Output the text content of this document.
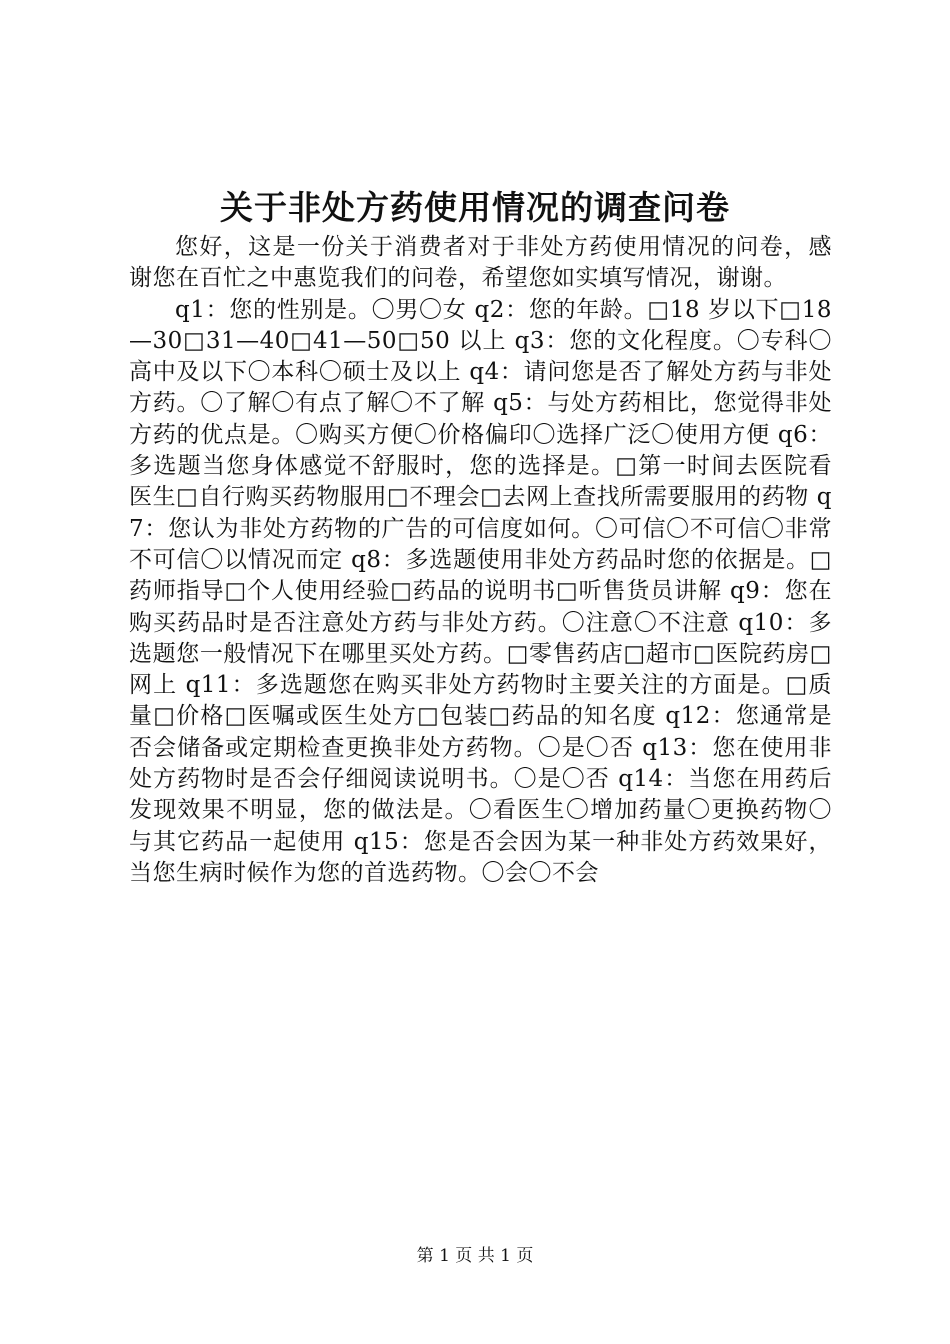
关于非处方药使用情况的调查问卷

您好，这是一份关于消费者对于非处方药使用情况的问卷，感谢您在百忙之中惠览我们的问卷，希望您如实填写情况，谢谢。

q1：您的性别是。〇男〇女 q2：您的年龄。□18 岁以下□18—30□31—40□41—50□50 以上 q3：您的文化程度。〇专科〇高中及以下〇本科〇硕士及以上 q4：请问您是否了解处方药与非处方药。〇了解〇有点了解〇不了解 q5：与处方药相比，您觉得非处方药的优点是。〇购买方便〇价格偏印〇选择广泛〇使用方便 q6：多选题当您身体感觉不舒服时，您的选择是。□第一时间去医院看医生□自行购买药物服用□不理会□去网上查找所需要服用的药物 q7：您认为非处方药物的广告的可信度如何。〇可信〇不可信〇非常不可信〇以情况而定 q8：多选题使用非处方药品时您的依据是。□药师指导□个人使用经验□药品的说明书□听售货员讲解 q9：您在购买药品时是否注意处方药与非处方药。〇注意〇不注意 q10：多选题您一般情况下在哪里买处方药。□零售药店□超市□医院药房□网上 q11：多选题您在购买非处方药物时主要关注的方面是。□质量□价格□医嘱或医生处方□包装□药品的知名度 q12：您通常是否会储备或定期检查更换非处方药物。〇是〇否 q13：您在使用非处方药物时是否会仔细阅读说明书。〇是〇否 q14：当您在用药后发现效果不明显，您的做法是。〇看医生〇增加药量〇更换药物〇与其它药品一起使用 q15：您是否会因为某一种非处方药效果好，当您生病时候作为您的首选药物。〇会〇不会

第 1 页 共 1 页
